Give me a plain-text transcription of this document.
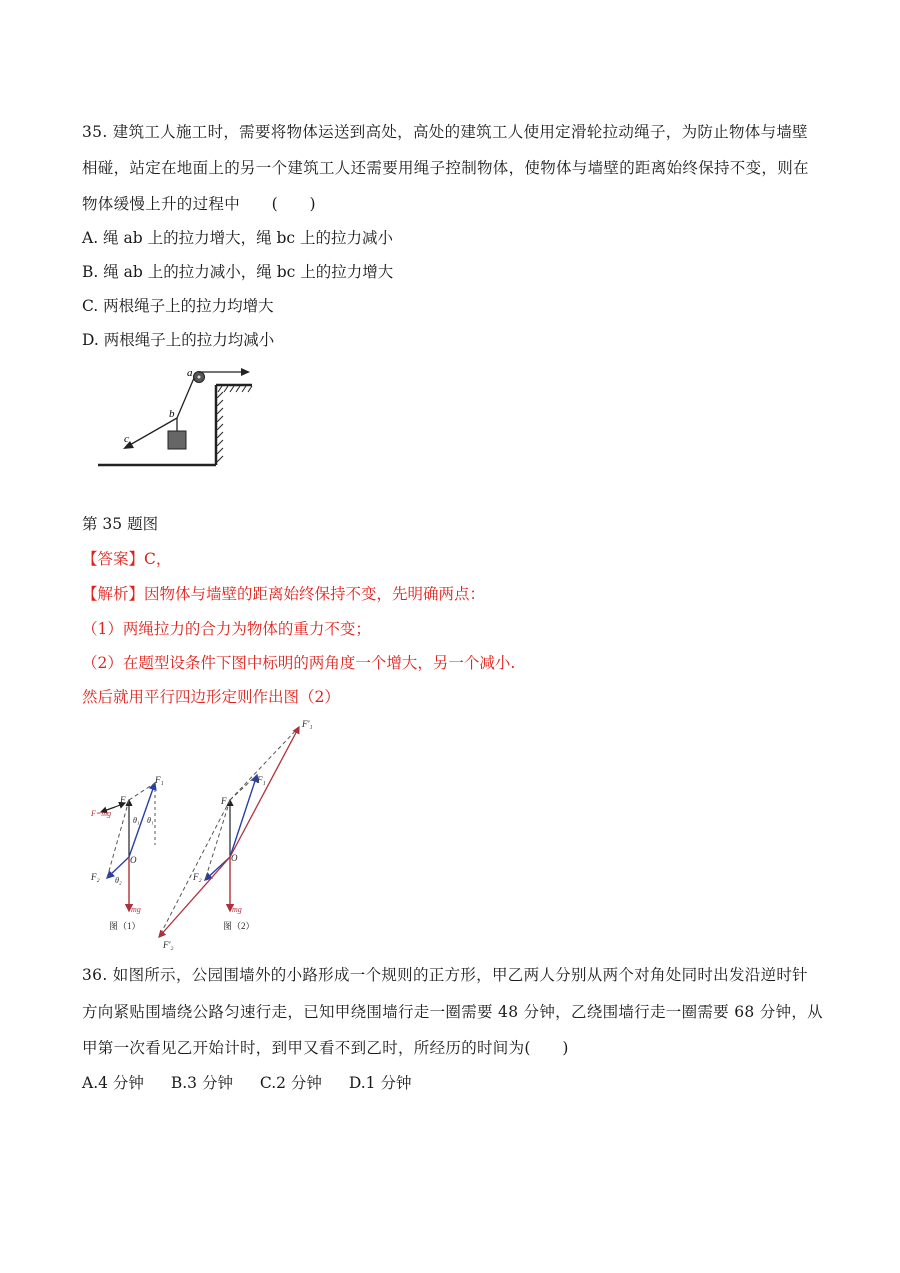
35. 建筑工人施工时，需要将物体运送到高处，高处的建筑工人使用定滑轮拉动绳子，为防止物体与墙壁
相碰，站定在地面上的另一个建筑工人还需要用绳子控制物体，使物体与墙壁的距离始终保持不变，则在
物体缓慢上升的过程中　　(　　)
A. 绳 ab 上的拉力增大，绳 bc 上的拉力减小
B. 绳 ab 上的拉力减小，绳 bc 上的拉力增大
C. 两根绳子上的拉力均增大
D. 两根绳子上的拉力均减小
a
b
c
第 35 题图
【答案】C，
【解析】因物体与墙壁的距离始终保持不变，先明确两点：
（1）两绳拉力的合力为物体的重力不变；
（2）在题型设条件下图中标明的两角度一个增大，另一个减小.
然后就用平行四边形定则作出图（2）
F₁
F
F=mg
θ₁ θ₁
O
F₂ θ₂
mg
图（1）
F'₁
F₁
F
O
F₂
mg
图（2）
F'₂
36. 如图所示，公园围墙外的小路形成一个规则的正方形，甲乙两人分别从两个对角处同时出发沿逆时针
方向紧贴围墙绕公路匀速行走，已知甲绕围墙行走一圈需要 48 分钟，乙绕围墙行走一圈需要 68 分钟，从
甲第一次看见乙开始计时，到甲又看不到乙时，所经历的时间为(　　)
A.4 分钟 B.3 分钟 C.2 分钟 D.1 分钟
